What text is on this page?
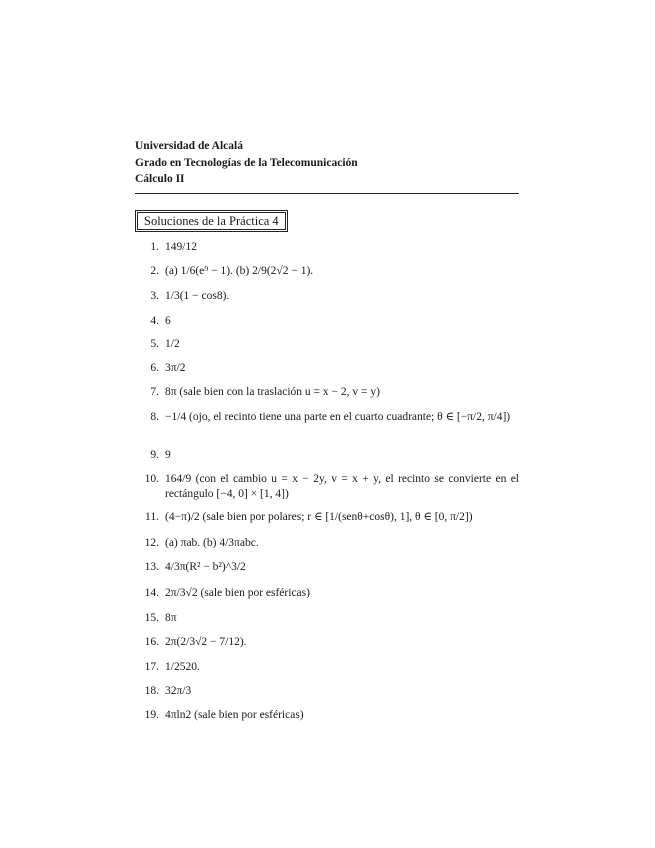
Universidad de Alcalá
Grado en Tecnologías de la Telecomunicación
Cálculo II
Soluciones de la Práctica 4
1. 149/12
2. (a) 1/6(e⁹ − 1). (b) 2/9(2√2 − 1).
3. 1/3(1 − cos8).
4. 6
5. 1/2
6. 3π/2
7. 8π (sale bien con la traslación u = x − 2, v = y)
8. −1/4 (ojo, el recinto tiene una parte en el cuarto cuadrante; θ ∈ [−π/2, π/4])
9. 9
10. 164/9 (con el cambio u = x − 2y, v = x + y, el recinto se convierte en el rectángulo [−4, 0] × [1, 4])
11. (4−π)/2 (sale bien por polares; r ∈ [1/(senθ+cosθ), 1], θ ∈ [0, π/2])
12. (a) πab. (b) 4/3πabc.
13. 4/3π(R² − b²)^3/2
14. 2π/3√2 (sale bien por esféricas)
15. 8π
16. 2π(2/3√2 − 7/12).
17. 1/2520.
18. 32π/3
19. 4πln2 (sale bien por esféricas)
